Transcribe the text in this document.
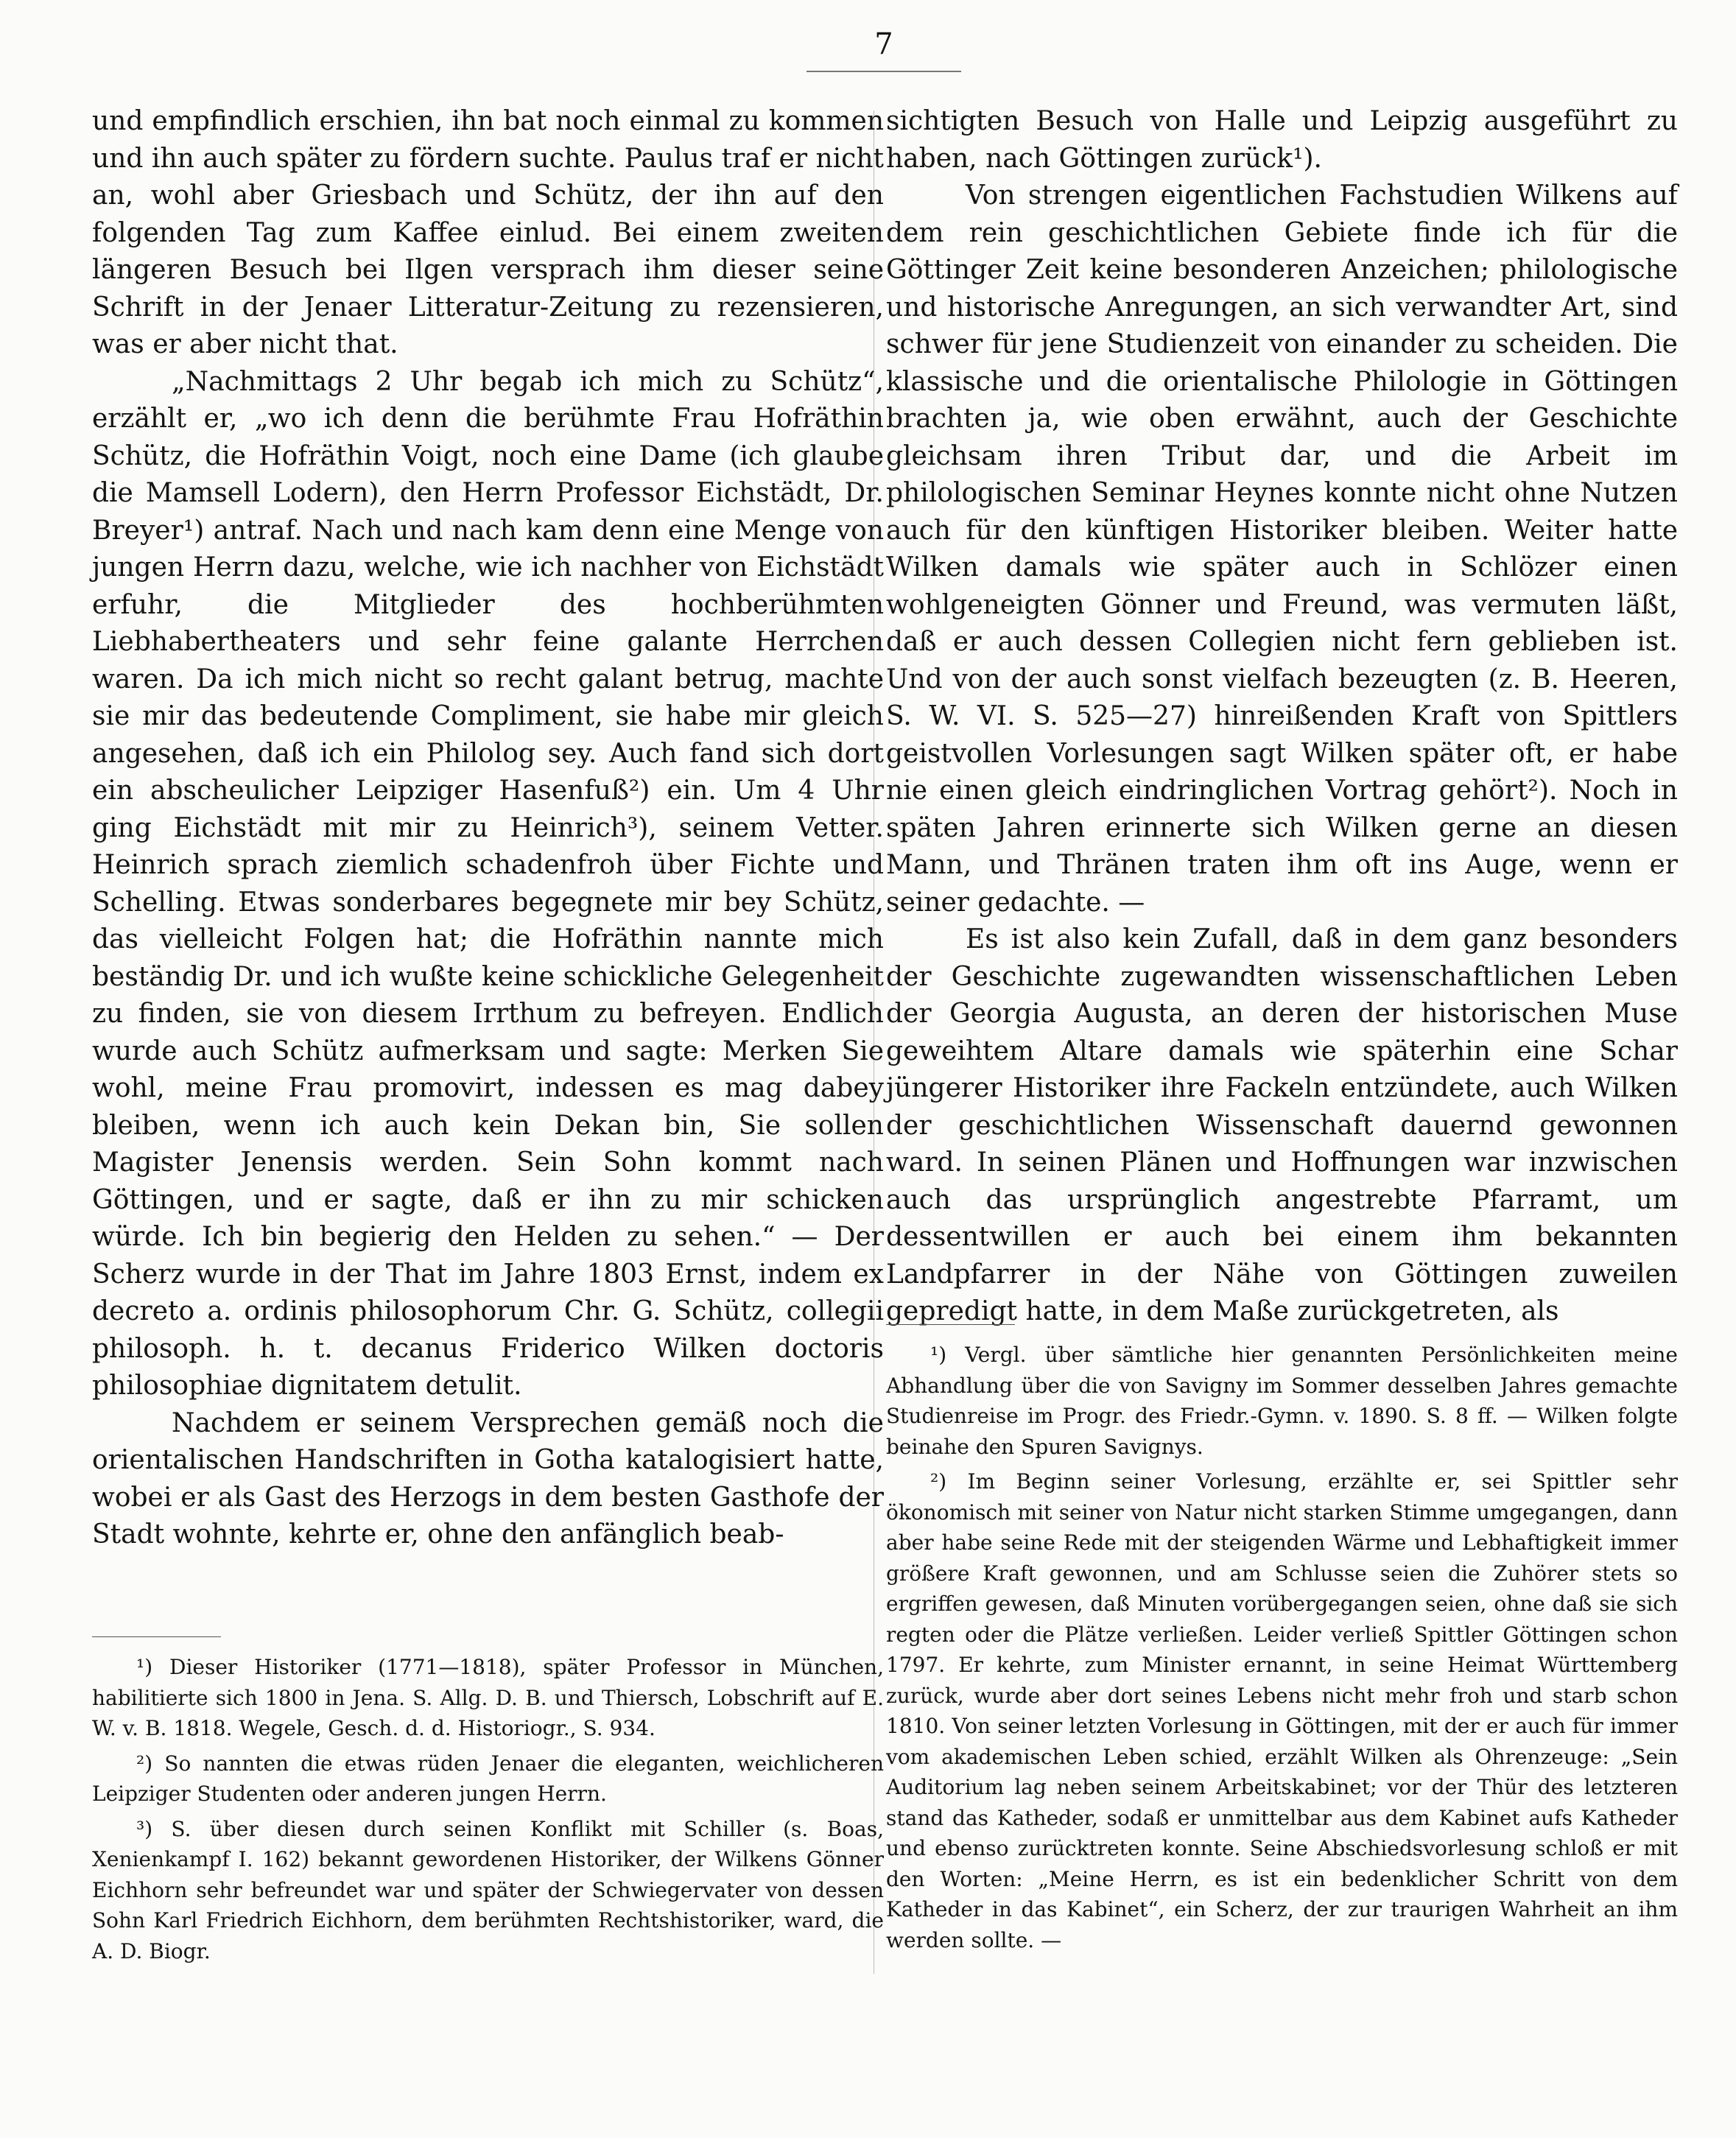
7

und empfindlich erschien, ihn bat noch einmal zu kommen und ihn auch später zu fördern suchte. Paulus traf er nicht an, wohl aber Griesbach und Schütz, der ihn auf den folgenden Tag zum Kaffee einlud. Bei einem zweiten längeren Besuch bei Ilgen versprach ihm dieser seine Schrift in der Jenaer Litteratur-Zeitung zu rezensieren, was er aber nicht that.

„Nachmittags 2 Uhr begab ich mich zu Schütz“, erzählt er, „wo ich denn die berühmte Frau Hofräthin Schütz, die Hofräthin Voigt, noch eine Dame (ich glaube die Mamsell Lodern), den Herrn Professor Eichstädt, Dr. Breyer¹) antraf. Nach und nach kam denn eine Menge von jungen Herrn dazu, welche, wie ich nachher von Eichstädt erfuhr, die Mitglieder des hochberühmten Liebhabertheaters und sehr feine galante Herrchen waren. Da ich mich nicht so recht galant betrug, machte sie mir das bedeutende Compliment, sie habe mir gleich angesehen, daß ich ein Philolog sey. Auch fand sich dort ein abscheulicher Leipziger Hasenfuß²) ein. Um 4 Uhr ging Eichstädt mit mir zu Heinrich³), seinem Vetter. Heinrich sprach ziemlich schadenfroh über Fichte und Schelling. Etwas sonderbares begegnete mir bey Schütz, das vielleicht Folgen hat; die Hofräthin nannte mich beständig Dr. und ich wußte keine schickliche Gelegenheit zu finden, sie von diesem Irrthum zu befreyen. Endlich wurde auch Schütz aufmerksam und sagte: Merken Sie wohl, meine Frau promovirt, indessen es mag dabey bleiben, wenn ich auch kein Dekan bin, Sie sollen Magister Jenensis werden. Sein Sohn kommt nach Göttingen, und er sagte, daß er ihn zu mir schicken würde. Ich bin begierig den Helden zu sehen.“ — Der Scherz wurde in der That im Jahre 1803 Ernst, indem ex decreto a. ordinis philosophorum Chr. G. Schütz, collegii philosoph. h. t. decanus Friderico Wilken doctoris philosophiae dignitatem detulit.

Nachdem er seinem Versprechen gemäß noch die orientalischen Handschriften in Gotha katalogisiert hatte, wobei er als Gast des Herzogs in dem besten Gasthofe der Stadt wohnte, kehrte er, ohne den anfänglich beab-

¹) Dieser Historiker (1771—1818), später Professor in München, habilitierte sich 1800 in Jena. S. Allg. D. B. und Thiersch, Lobschrift auf E. W. v. B. 1818. Wegele, Gesch. d. d. Historiogr., S. 934.

²) So nannten die etwas rüden Jenaer die eleganten, weichlicheren Leipziger Studenten oder anderen jungen Herrn.

³) S. über diesen durch seinen Konflikt mit Schiller (s. Boas, Xenienkampf I. 162) bekannt gewordenen Historiker, der Wilkens Gönner Eichhorn sehr befreundet war und später der Schwiegervater von dessen Sohn Karl Friedrich Eichhorn, dem berühmten Rechtshistoriker, ward, die A. D. Biogr.

sichtigten Besuch von Halle und Leipzig ausgeführt zu haben, nach Göttingen zurück¹).

Von strengen eigentlichen Fachstudien Wilkens auf dem rein geschichtlichen Gebiete finde ich für die Göttinger Zeit keine besonderen Anzeichen; philologische und historische Anregungen, an sich verwandter Art, sind schwer für jene Studienzeit von einander zu scheiden. Die klassische und die orientalische Philologie in Göttingen brachten ja, wie oben erwähnt, auch der Geschichte gleichsam ihren Tribut dar, und die Arbeit im philologischen Seminar Heynes konnte nicht ohne Nutzen auch für den künftigen Historiker bleiben. Weiter hatte Wilken damals wie später auch in Schlözer einen wohlgeneigten Gönner und Freund, was vermuten läßt, daß er auch dessen Collegien nicht fern geblieben ist. Und von der auch sonst vielfach bezeugten (z. B. Heeren, S. W. VI. S. 525—27) hinreißenden Kraft von Spittlers geistvollen Vorlesungen sagt Wilken später oft, er habe nie einen gleich eindringlichen Vortrag gehört²). Noch in späten Jahren erinnerte sich Wilken gerne an diesen Mann, und Thränen traten ihm oft ins Auge, wenn er seiner gedachte. —

Es ist also kein Zufall, daß in dem ganz besonders der Geschichte zugewandten wissenschaftlichen Leben der Georgia Augusta, an deren der historischen Muse geweihtem Altare damals wie späterhin eine Schar jüngerer Historiker ihre Fackeln entzündete, auch Wilken der geschichtlichen Wissenschaft dauernd gewonnen ward. In seinen Plänen und Hoffnungen war inzwischen auch das ursprünglich angestrebte Pfarramt, um dessentwillen er auch bei einem ihm bekannten Landpfarrer in der Nähe von Göttingen zuweilen gepredigt hatte, in dem Maße zurückgetreten, als

¹) Vergl. über sämtliche hier genannten Persönlichkeiten meine Abhandlung über die von Savigny im Sommer desselben Jahres gemachte Studienreise im Progr. des Friedr.-Gymn. v. 1890. S. 8 ff. — Wilken folgte beinahe den Spuren Savignys.

²) Im Beginn seiner Vorlesung, erzählte er, sei Spittler sehr ökonomisch mit seiner von Natur nicht starken Stimme umgegangen, dann aber habe seine Rede mit der steigenden Wärme und Lebhaftigkeit immer größere Kraft gewonnen, und am Schlusse seien die Zuhörer stets so ergriffen gewesen, daß Minuten vorübergegangen seien, ohne daß sie sich regten oder die Plätze verließen. Leider verließ Spittler Göttingen schon 1797. Er kehrte, zum Minister ernannt, in seine Heimat Württemberg zurück, wurde aber dort seines Lebens nicht mehr froh und starb schon 1810. Von seiner letzten Vorlesung in Göttingen, mit der er auch für immer vom akademischen Leben schied, erzählt Wilken als Ohrenzeuge: „Sein Auditorium lag neben seinem Arbeitskabinet; vor der Thür des letzteren stand das Katheder, sodaß er unmittelbar aus dem Kabinet aufs Katheder und ebenso zurücktreten konnte. Seine Abschiedsvorlesung schloß er mit den Worten: „Meine Herrn, es ist ein bedenklicher Schritt von dem Katheder in das Kabinet“, ein Scherz, der zur traurigen Wahrheit an ihm werden sollte. —
